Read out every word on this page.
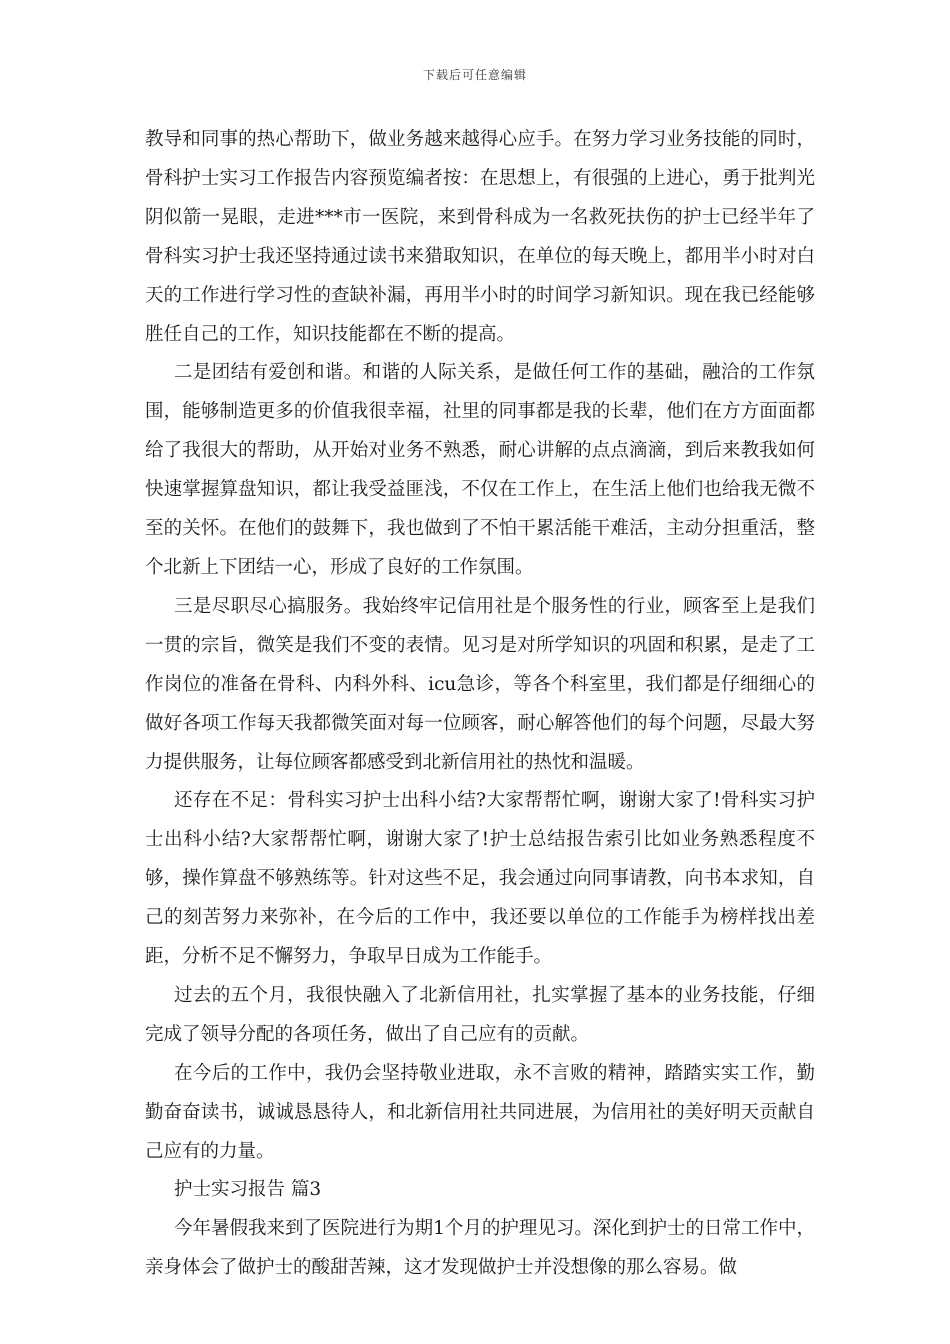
下载后可任意编辑

教导和同事的热心帮助下，做业务越来越得心应手。在努力学习业务技能的同时，骨科护士实习工作报告内容预览编者按：在思想上，有很强的上进心，勇于批判光阴似箭一晃眼，走进***市一医院，来到骨科成为一名救死扶伤的护士已经半年了骨科实习护士我还坚持通过读书来猎取知识，在单位的每天晚上，都用半小时对白天的工作进行学习性的查缺补漏，再用半小时的时间学习新知识。现在我已经能够胜任自己的工作，知识技能都在不断的提高。

二是团结有爱创和谐。和谐的人际关系，是做任何工作的基础，融洽的工作氛围，能够制造更多的价值我很幸福，社里的同事都是我的长辈，他们在方方面面都给了我很大的帮助，从开始对业务不熟悉，耐心讲解的点点滴滴，到后来教我如何快速掌握算盘知识，都让我受益匪浅，不仅在工作上，在生活上他们也给我无微不至的关怀。在他们的鼓舞下，我也做到了不怕干累活能干难活，主动分担重活，整个北新上下团结一心，形成了良好的工作氛围。

三是尽职尽心搞服务。我始终牢记信用社是个服务性的行业，顾客至上是我们一贯的宗旨，微笑是我们不变的表情。见习是对所学知识的巩固和积累，是走了工作岗位的准备在骨科、内科外科、icu急诊，等各个科室里，我们都是仔细细心的做好各项工作每天我都微笑面对每一位顾客，耐心解答他们的每个问题，尽最大努力提供服务，让每位顾客都感受到北新信用社的热忱和温暖。

还存在不足：骨科实习护士出科小结?大家帮帮忙啊，谢谢大家了!骨科实习护士出科小结?大家帮帮忙啊，谢谢大家了!护士总结报告索引比如业务熟悉程度不够，操作算盘不够熟练等。针对这些不足，我会通过向同事请教，向书本求知，自己的刻苦努力来弥补，在今后的工作中，我还要以单位的工作能手为榜样找出差距，分析不足不懈努力，争取早日成为工作能手。

过去的五个月，我很快融入了北新信用社，扎实掌握了基本的业务技能，仔细完成了领导分配的各项任务，做出了自己应有的贡献。

在今后的工作中，我仍会坚持敬业进取，永不言败的精神，踏踏实实工作，勤勤奋奋读书，诚诚恳恳待人，和北新信用社共同进展，为信用社的美好明天贡献自己应有的力量。

护士实习报告 篇3

今年暑假我来到了医院进行为期1个月的护理见习。深化到护士的日常工作中，亲身体会了做护士的酸甜苦辣，这才发现做护士并没想像的那么容易。做
